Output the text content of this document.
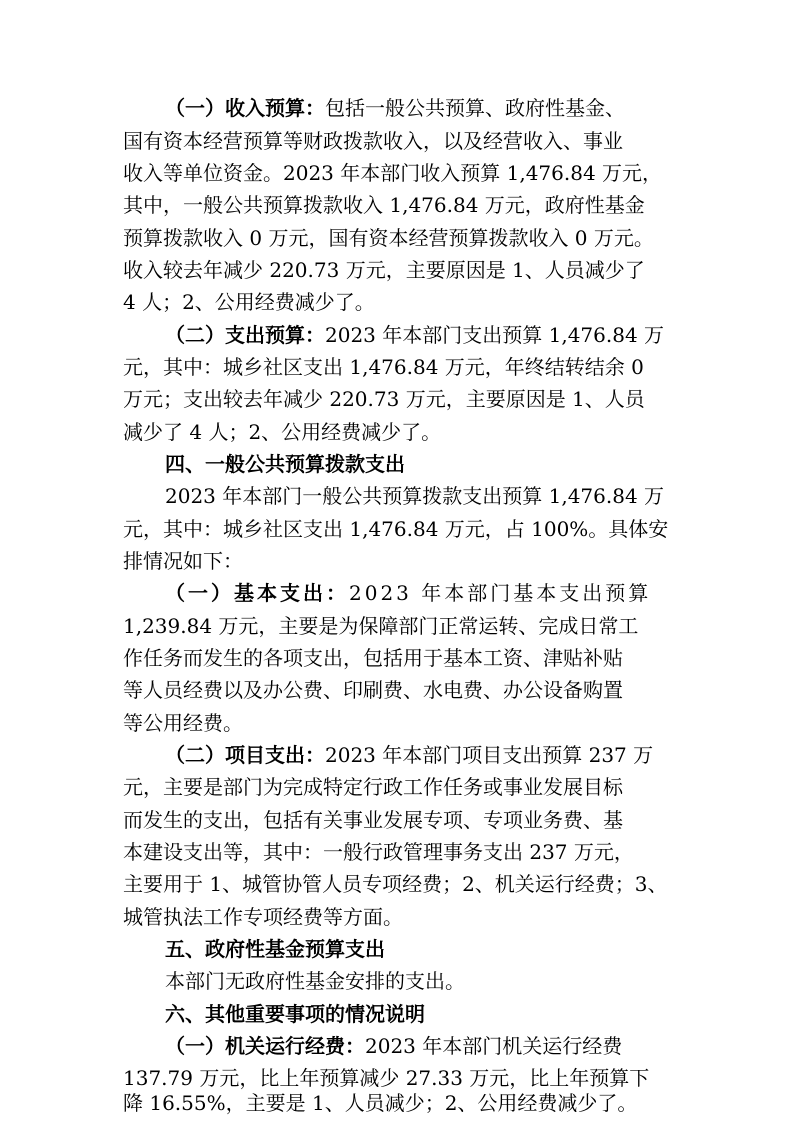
（一）收入预算：包括一般公共预算、政府性基金、
国有资本经营预算等财政拨款收入，以及经营收入、事业
收入等单位资金。2023 年本部门收入预算 1,476.84 万元，
其中，一般公共预算拨款收入 1,476.84 万元，政府性基金
预算拨款收入 0 万元，国有资本经营预算拨款收入 0 万元。
收入较去年减少 220.73 万元，主要原因是 1、人员减少了
4 人；2、公用经费减少了。
（二）支出预算：2023 年本部门支出预算 1,476.84 万
元，其中：城乡社区支出 1,476.84 万元，年终结转结余 0
万元；支出较去年减少 220.73 万元，主要原因是 1、人员
减少了 4 人；2、公用经费减少了。
四、一般公共预算拨款支出
2023 年本部门一般公共预算拨款支出预算 1,476.84 万
元，其中：城乡社区支出 1,476.84 万元，占 100%。具体安
排情况如下：
（一）基本支出：2023 年本部门基本支出预算
1,239.84 万元，主要是为保障部门正常运转、完成日常工
作任务而发生的各项支出，包括用于基本工资、津贴补贴
等人员经费以及办公费、印刷费、水电费、办公设备购置
等公用经费。
（二）项目支出：2023 年本部门项目支出预算 237 万
元，主要是部门为完成特定行政工作任务或事业发展目标
而发生的支出，包括有关事业发展专项、专项业务费、基
本建设支出等，其中：一般行政管理事务支出 237 万元，
主要用于 1、城管协管人员专项经费；2、机关运行经费；3、
城管执法工作专项经费等方面。
五、政府性基金预算支出
本部门无政府性基金安排的支出。
六、其他重要事项的情况说明
（一）机关运行经费：2023 年本部门机关运行经费
137.79 万元，比上年预算减少 27.33 万元，比上年预算下
降 16.55%，主要是 1、人员减少；2、公用经费减少了。
